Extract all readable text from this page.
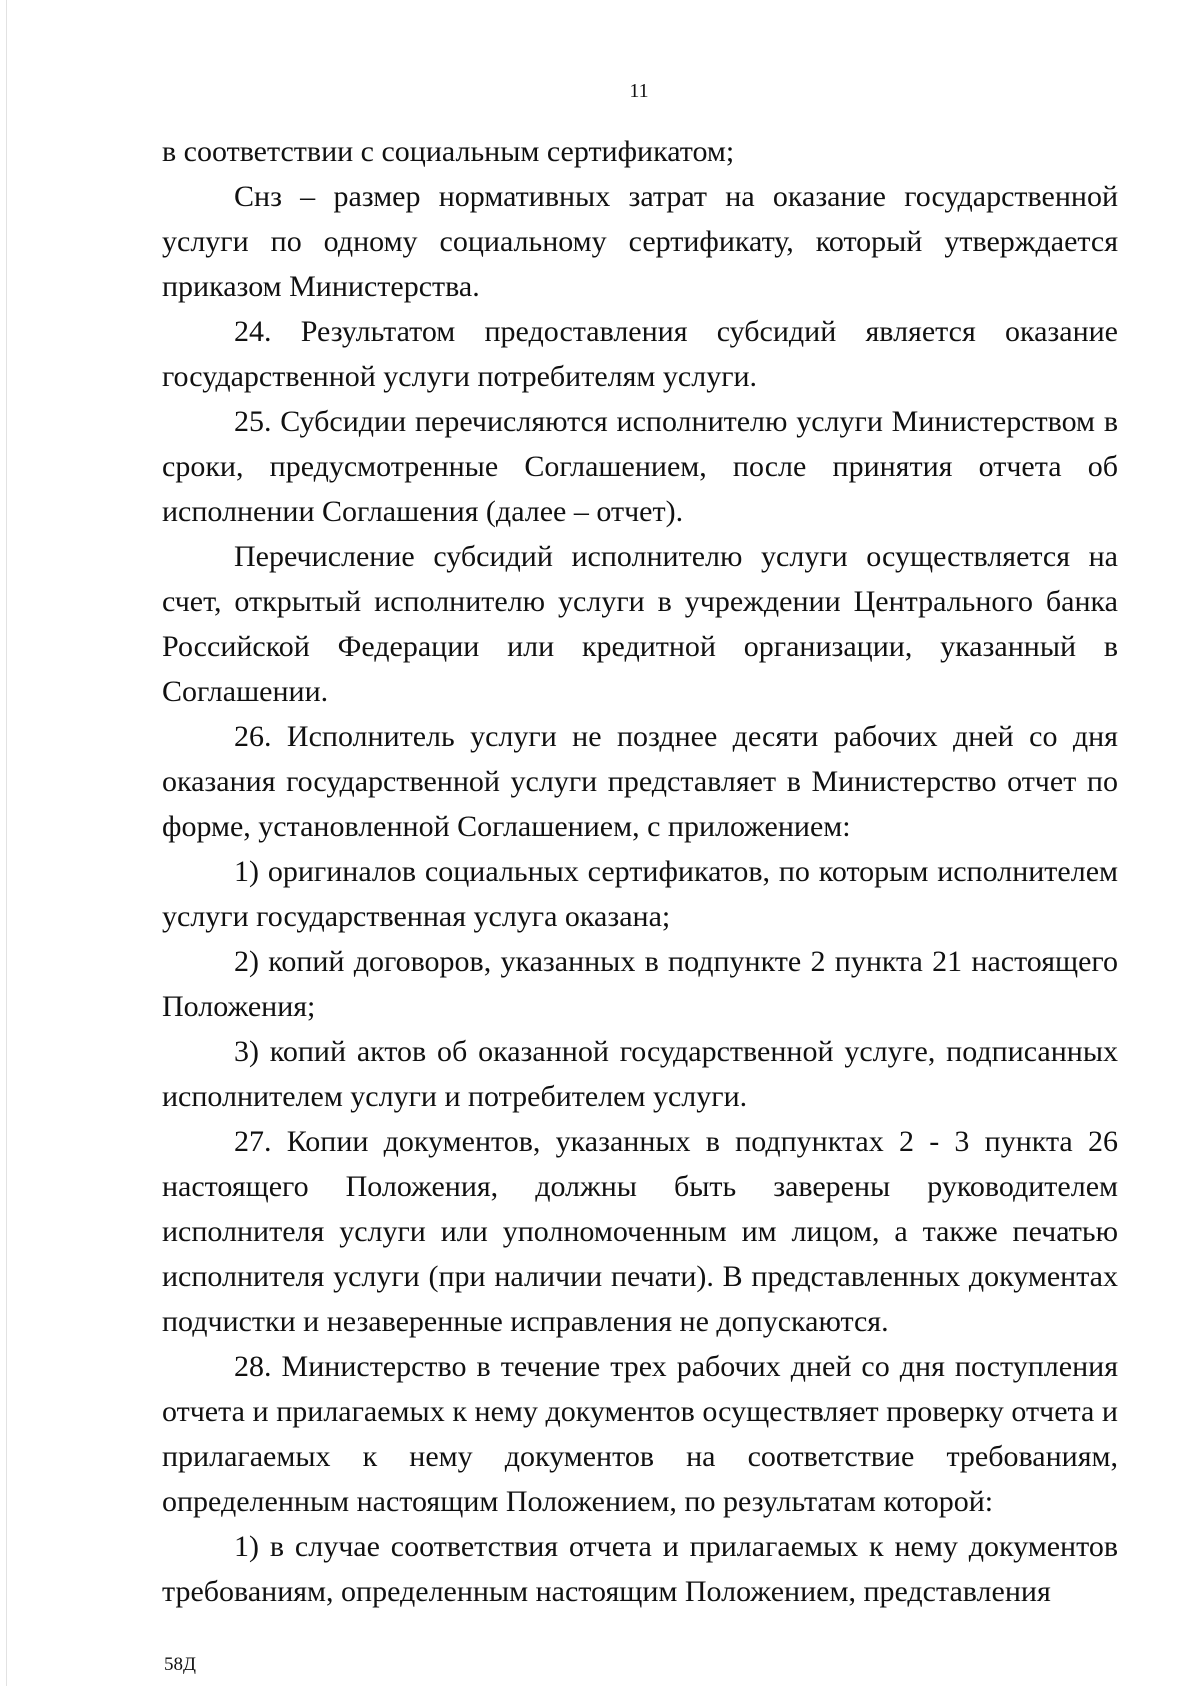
11

в соответствии с социальным сертификатом;

Снз – размер нормативных затрат на оказание государственной услуги по одному социальному сертификату, который утверждается приказом Министерства.

24. Результатом предоставления субсидий является оказание государственной услуги потребителям услуги.

25. Субсидии перечисляются исполнителю услуги Министерством в сроки, предусмотренные Соглашением, после принятия отчета об исполнении Соглашения (далее – отчет).

Перечисление субсидий исполнителю услуги осуществляется на счет, открытый исполнителю услуги в учреждении Центрального банка Российской Федерации или кредитной организации, указанный в Соглашении.

26. Исполнитель услуги не позднее десяти рабочих дней со дня оказания государственной услуги представляет в Министерство отчет по форме, установленной Соглашением, с приложением:

1) оригиналов социальных сертификатов, по которым исполнителем услуги государственная услуга оказана;

2) копий договоров, указанных в подпункте 2 пункта 21 настоящего Положения;

3) копий актов об оказанной государственной услуге, подписанных исполнителем услуги и потребителем услуги.

27. Копии документов, указанных в подпунктах 2 - 3 пункта 26 настоящего Положения, должны быть заверены руководителем исполнителя услуги или уполномоченным им лицом, а также печатью исполнителя услуги (при наличии печати). В представленных документах подчистки и незаверенные исправления не допускаются.

28. Министерство в течение трех рабочих дней со дня поступления отчета и прилагаемых к нему документов осуществляет проверку отчета и прилагаемых к нему документов на соответствие требованиям, определенным настоящим Положением, по результатам которой:

1) в случае соответствия отчета и прилагаемых к нему документов требованиям, определенным настоящим Положением, представления

58Д
